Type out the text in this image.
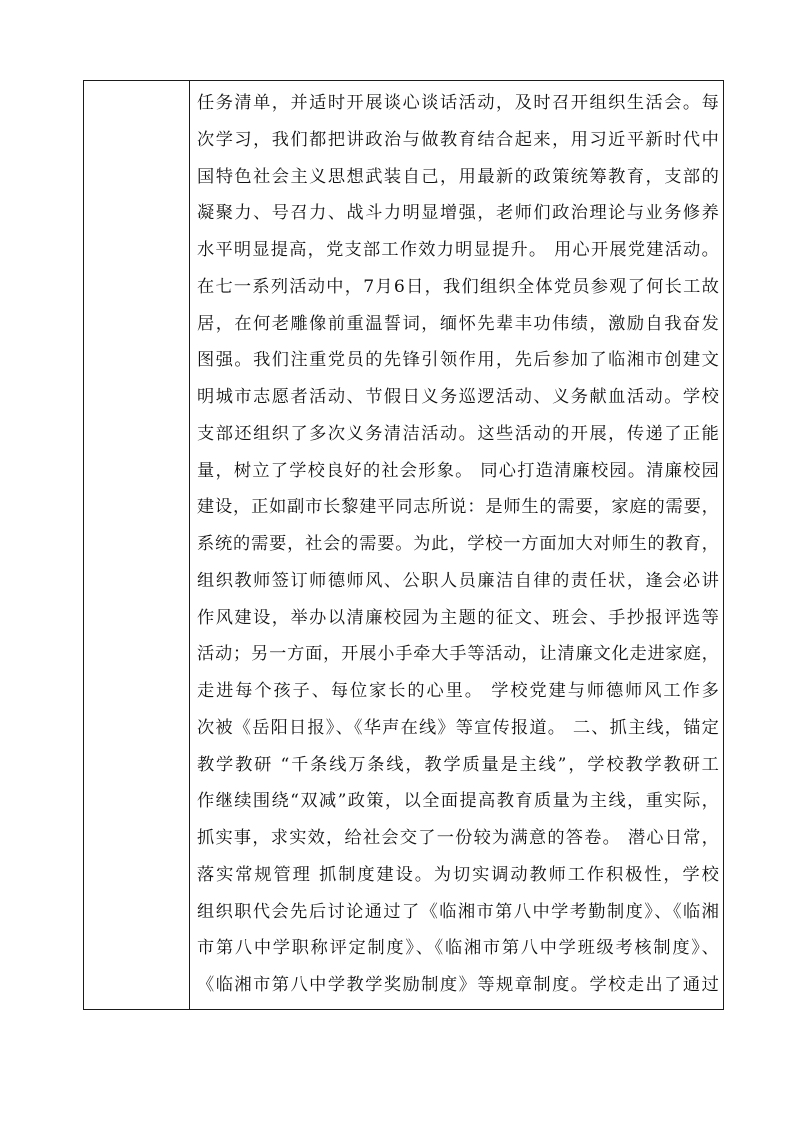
任务清单，并适时开展谈心谈话活动，及时召开组织生活会。每
次学习，我们都把讲政治与做教育结合起来，用习近平新时代中
国特色社会主义思想武装自己，用最新的政策统筹教育，支部的
凝聚力、号召力、战斗力明显增强，老师们政治理论与业务修养
水平明显提高，党支部工作效力明显提升。 用心开展党建活动。
在七一系列活动中，7月6日，我们组织全体党员参观了何长工故
居，在何老雕像前重温誓词，缅怀先辈丰功伟绩，激励自我奋发
图强。我们注重党员的先锋引领作用，先后参加了临湘市创建文
明城市志愿者活动、节假日义务巡逻活动、义务献血活动。学校
支部还组织了多次义务清洁活动。这些活动的开展，传递了正能
量，树立了学校良好的社会形象。 同心打造清廉校园。清廉校园
建设，正如副市长黎建平同志所说：是师生的需要，家庭的需要，
系统的需要，社会的需要。为此，学校一方面加大对师生的教育，
组织教师签订师德师风、公职人员廉洁自律的责任状，逢会必讲
作风建设，举办以清廉校园为主题的征文、班会、手抄报评选等
活动；另一方面，开展小手牵大手等活动，让清廉文化走进家庭，
走进每个孩子、每位家长的心里。 学校党建与师德师风工作多
次被《岳阳日报》、《华声在线》等宣传报道。 二、抓主线，锚定
教学教研 “千条线万条线，教学质量是主线”，学校教学教研工
作继续围绕“双减”政策，以全面提高教育质量为主线，重实际，
抓实事，求实效，给社会交了一份较为满意的答卷。 潜心日常，
落实常规管理 抓制度建设。为切实调动教师工作积极性，学校
组织职代会先后讨论通过了《临湘市第八中学考勤制度》、《临湘
市第八中学职称评定制度》、《临湘市第八中学班级考核制度》、
《临湘市第八中学教学奖励制度》等规章制度。学校走出了通过
